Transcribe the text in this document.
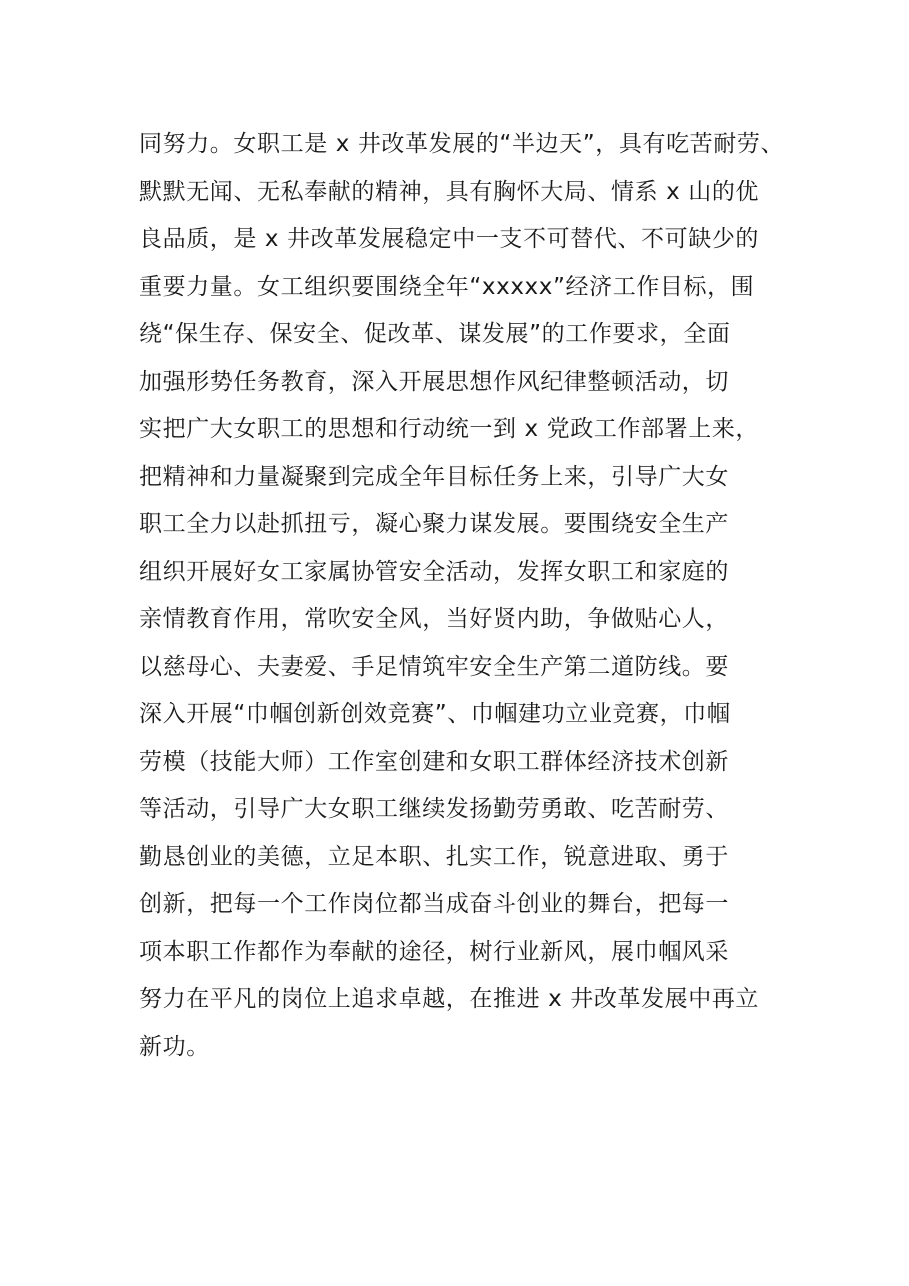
同努力。女职工是 x 井改革发展的“半边天”，具有吃苦耐劳、
默默无闻、无私奉献的精神，具有胸怀大局、情系 x 山的优
良品质，是 x 井改革发展稳定中一支不可替代、不可缺少的
重要力量。女工组织要围绕全年“xxxxx”经济工作目标，围
绕“保生存、保安全、促改革、谋发展”的工作要求，全面
加强形势任务教育，深入开展思想作风纪律整顿活动，切
实把广大女职工的思想和行动统一到 x 党政工作部署上来，
把精神和力量凝聚到完成全年目标任务上来，引导广大女
职工全力以赴抓扭亏，凝心聚力谋发展。要围绕安全生产
组织开展好女工家属协管安全活动，发挥女职工和家庭的
亲情教育作用，常吹安全风，当好贤内助，争做贴心人，
以慈母心、夫妻爱、手足情筑牢安全生产第二道防线。要
深入开展“巾帼创新创效竞赛”、巾帼建功立业竞赛，巾帼
劳模（技能大师）工作室创建和女职工群体经济技术创新
等活动，引导广大女职工继续发扬勤劳勇敢、吃苦耐劳、
勤恳创业的美德，立足本职、扎实工作，锐意进取、勇于
创新，把每一个工作岗位都当成奋斗创业的舞台，把每一
项本职工作都作为奉献的途径，树行业新风，展巾帼风采
努力在平凡的岗位上追求卓越，在推进 x 井改革发展中再立
新功。
